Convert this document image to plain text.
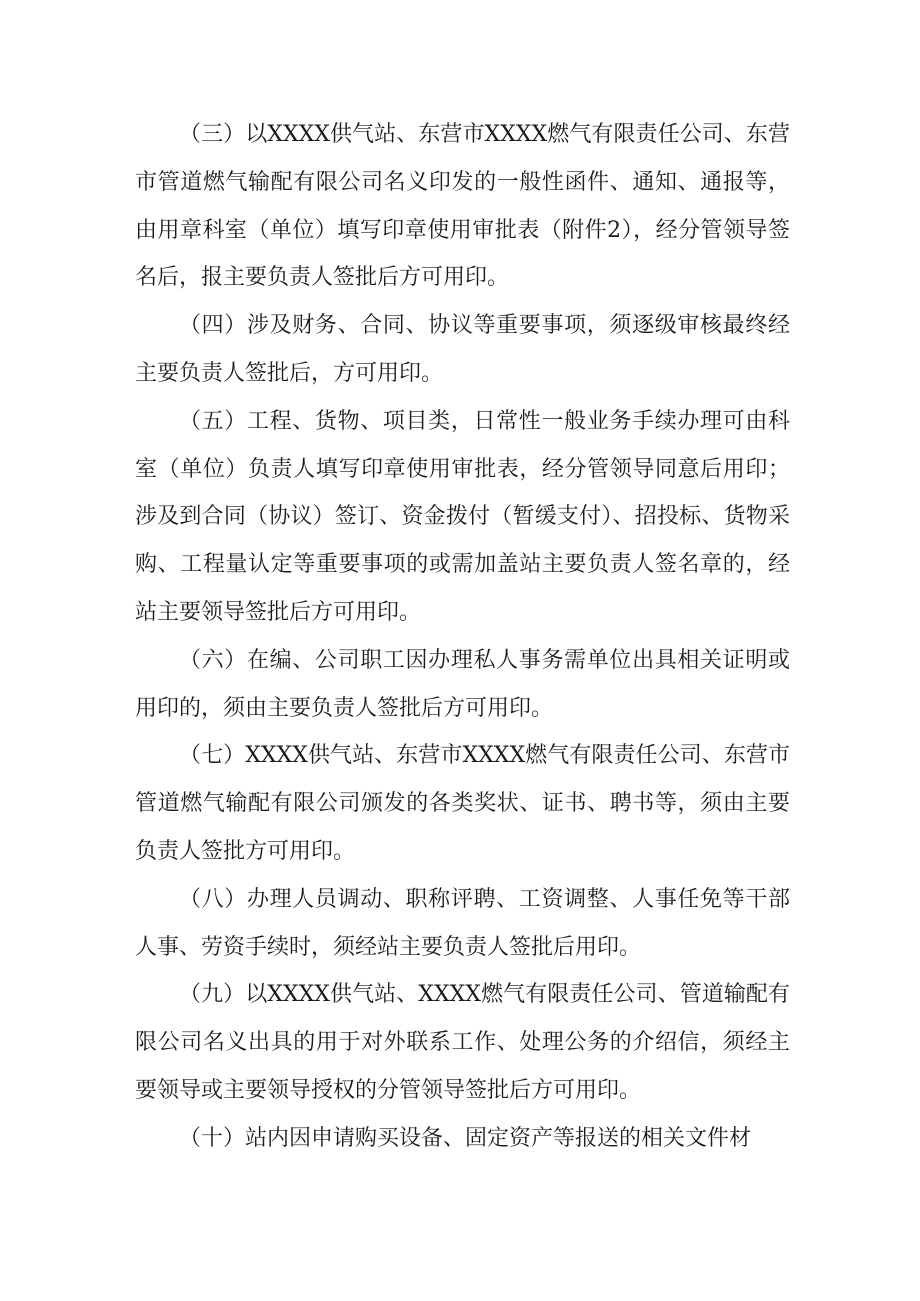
（三）以XXXX供气站、东营市XXXX燃气有限责任公司、东营市管道燃气输配有限公司名义印发的一般性函件、通知、通报等，由用章科室（单位）填写印章使用审批表（附件2），经分管领导签名后，报主要负责人签批后方可用印。

（四）涉及财务、合同、协议等重要事项，须逐级审核最终经主要负责人签批后，方可用印。

（五）工程、货物、项目类，日常性一般业务手续办理可由科室（单位）负责人填写印章使用审批表，经分管领导同意后用印；涉及到合同（协议）签订、资金拨付（暂缓支付）、招投标、货物采购、工程量认定等重要事项的或需加盖站主要负责人签名章的，经站主要领导签批后方可用印。

（六）在编、公司职工因办理私人事务需单位出具相关证明或用印的，须由主要负责人签批后方可用印。

（七）XXXX供气站、东营市XXXX燃气有限责任公司、东营市管道燃气输配有限公司颁发的各类奖状、证书、聘书等，须由主要负责人签批方可用印。

（八）办理人员调动、职称评聘、工资调整、人事任免等干部人事、劳资手续时，须经站主要负责人签批后用印。

（九）以XXXX供气站、XXXX燃气有限责任公司、管道输配有限公司名义出具的用于对外联系工作、处理公务的介绍信，须经主要领导或主要领导授权的分管领导签批后方可用印。

（十）站内因申请购买设备、固定资产等报送的相关文件材
